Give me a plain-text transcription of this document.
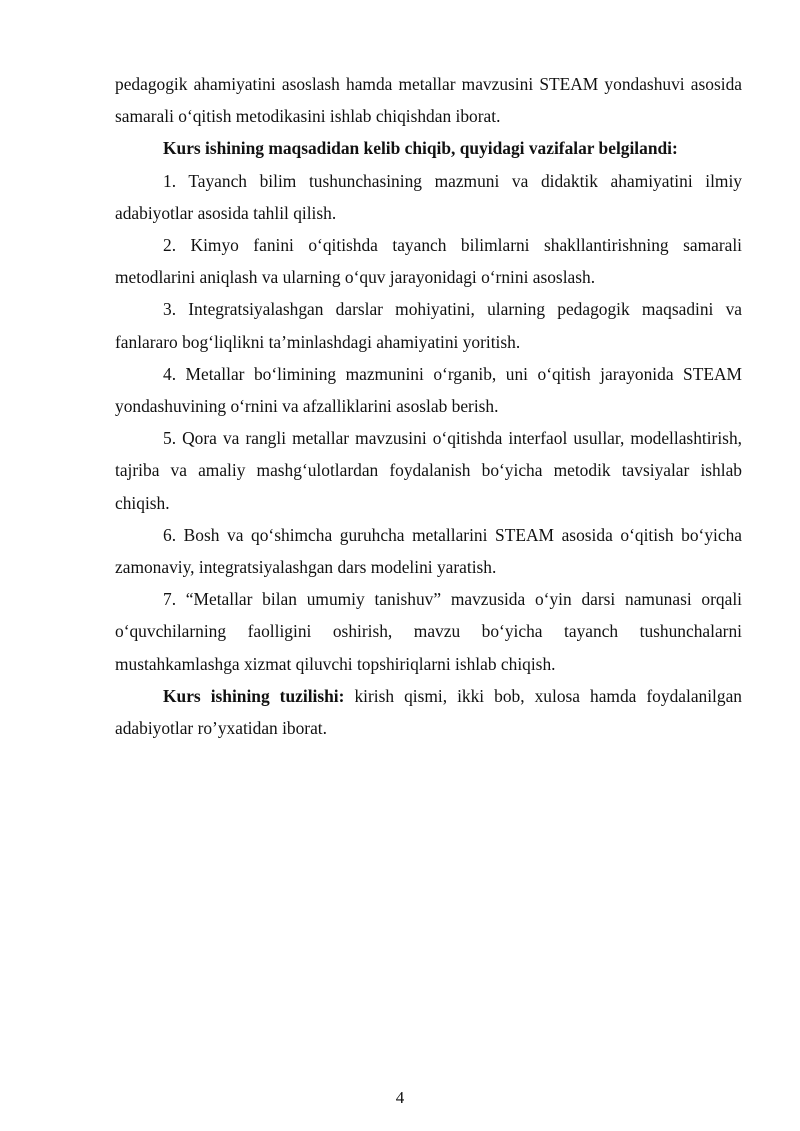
pedagogik ahamiyatini asoslash hamda metallar mavzusini STEAM yondashuvi asosida samarali o‘qitish metodikasini ishlab chiqishdan iborat.

Kurs ishining maqsadidan kelib chiqib, quyidagi vazifalar belgilandi:

1. Tayanch bilim tushunchasining mazmuni va didaktik ahamiyatini ilmiy adabiyotlar asosida tahlil qilish.

2. Kimyo fanini o‘qitishda tayanch bilimlarni shakllantirishning samarali metodlarini aniqlash va ularning o‘quv jarayonidagi o‘rnini asoslash.

3. Integratsiyalashgan darslar mohiyatini, ularning pedagogik maqsadini va fanlararo bog‘liqlikni ta’minlashdagi ahamiyatini yoritish.

4. Metallar bo‘limining mazmunini o‘rganib, uni o‘qitish jarayonida STEAM yondashuvining o‘rnini va afzalliklarini asoslab berish.

5. Qora va rangli metallar mavzusini o‘qitishda interfaol usullar, modellashtirish, tajriba va amaliy mashg‘ulotlardan foydalanish bo‘yicha metodik tavsiyalar ishlab chiqish.

6. Bosh va qo‘shimcha guruhcha metallarini STEAM asosida o‘qitish bo‘yicha zamonaviy, integratsiyalashgan dars modelini yaratish.

7. “Metallar bilan umumiy tanishuv” mavzusida o‘yin darsi namunasi orqali o‘quvchilarning faolligini oshirish, mavzu bo‘yicha tayanch tushunchalarni mustahkamlashga xizmat qiluvchi topshiriqlarni ishlab chiqish.

Kurs ishining tuzilishi: kirish qismi, ikki bob, xulosa hamda foydalanilgan adabiyotlar ro’yxatidan iborat.

4
